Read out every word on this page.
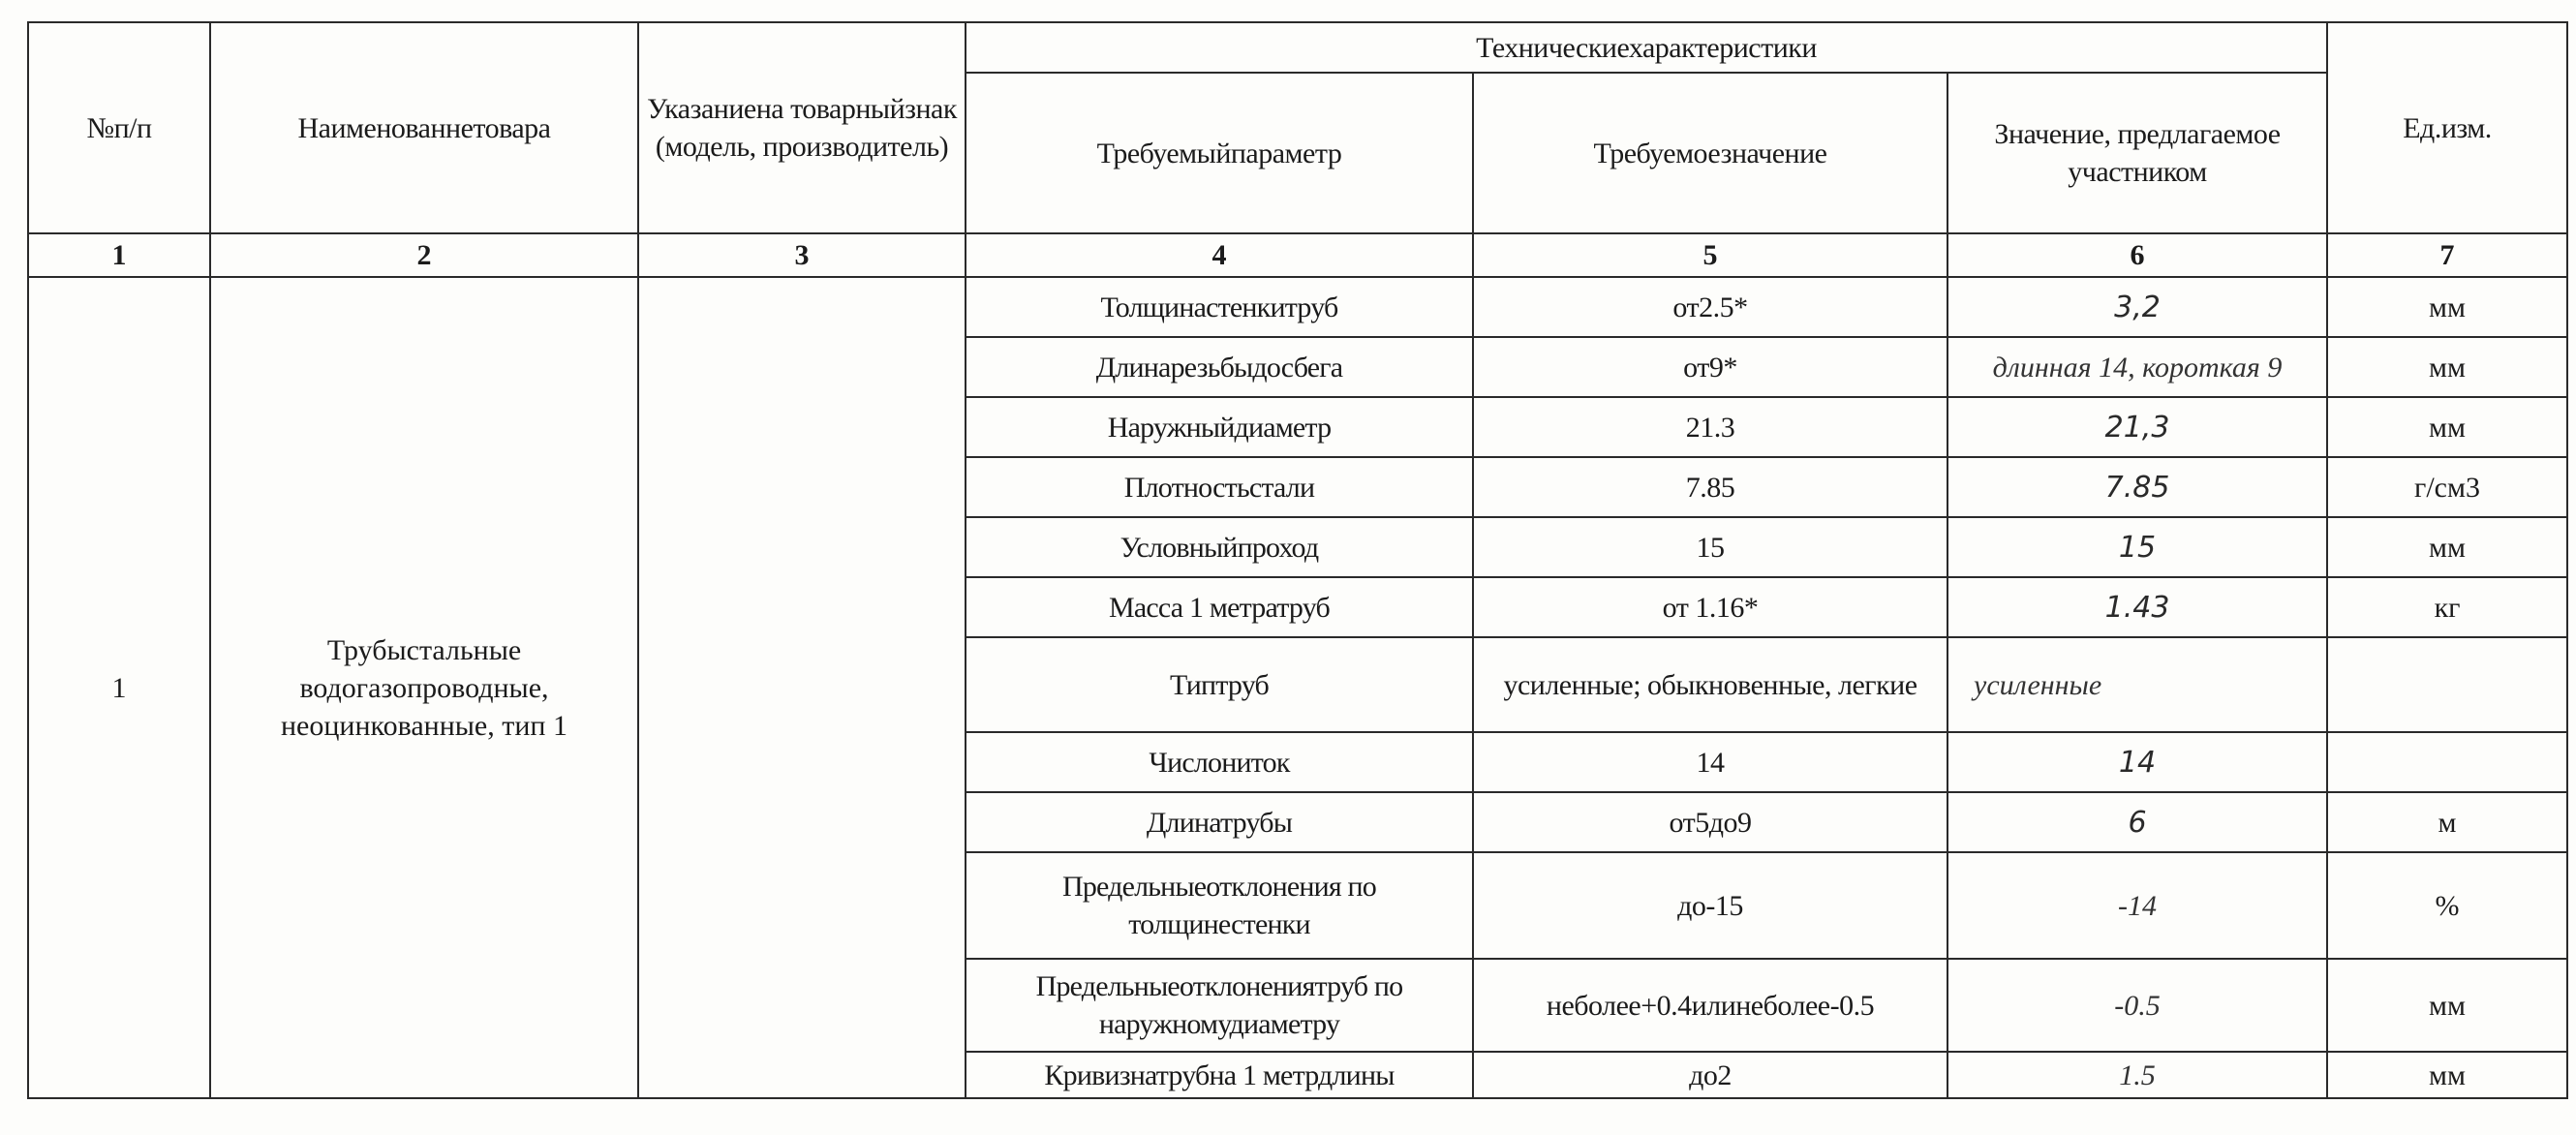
№п/п	Наименованнетовара	Указаниена товарныйзнак (модель, производитель)	Техническиехарактеристики			Ед.изм.
			Требуемыйпараметр	Требуемоезначение	Значение, предлагаемое участником	
1	2	3	4	5	6	7
1	Трубыстальные водогазопроводные, неоцинкованные, тип 1		Толщинастенкитруб	от2.5*	3,2	мм
			Длинарезьбыдосбега	от9*	длинная 14, короткая 9	мм
			Наружныйдиаметр	21.3	21,3	мм
			Плотностьстали	7.85	7.85	г/см3
			Условныйпроход	15	15	мм
			Масса 1 метратруб	от 1.16*	1.43	кг
			Типтруб	усиленные; обыкновенные, легкие	усиленные	
			Числониток	14	14	
			Длинатрубы	от5до9	6	м
			Предельныеотклонения по толщинестенки	до-15	-14	%
			Предельныеотклонениятруб по наружномудиаметру	неболее+0.4илинеболее-0.5	-0.5	мм
			Кривизнатрубна 1 метрдлины	до2	1.5	мм
